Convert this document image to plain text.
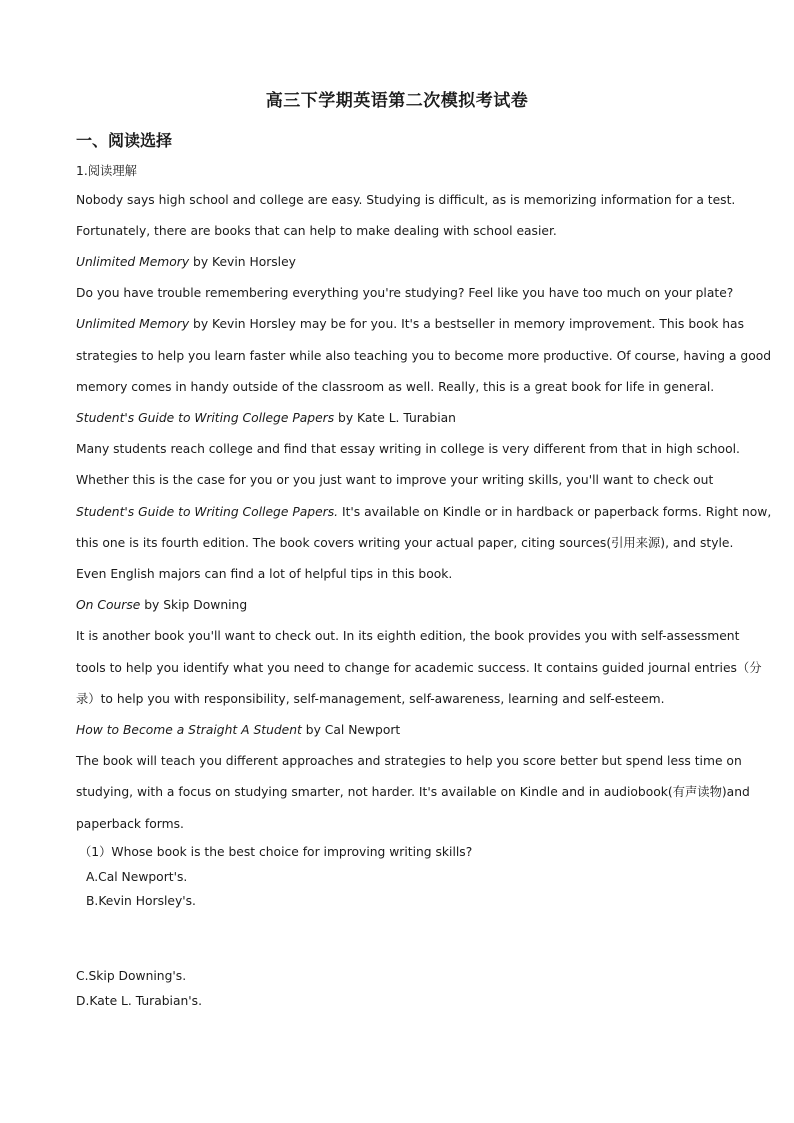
高三下学期英语第二次模拟考试卷
一、阅读选择
1.阅读理解
Nobody says high school and college are easy. Studying is difficult, as is memorizing information for a test.
Fortunately, there are books that can help to make dealing with school easier.
Unlimited Memory by Kevin Horsley
Do you have trouble remembering everything you're studying? Feel like you have too much on your plate?
Unlimited Memory by Kevin Horsley may be for you. It's a bestseller in memory improvement. This book has
strategies to help you learn faster while also teaching you to become more productive. Of course, having a good
memory comes in handy outside of the classroom as well. Really, this is a great book for life in general.
Student's Guide to Writing College Papers by Kate L. Turabian
Many students reach college and find that essay writing in college is very different from that in high school.
Whether this is the case for you or you just want to improve your writing skills, you'll want to check out
Student's Guide to Writing College Papers. It's available on Kindle or in hardback or paperback forms. Right now,
this one is its fourth edition. The book covers writing your actual paper, citing sources(引用来源), and style.
Even English majors can find a lot of helpful tips in this book.
On Course by Skip Downing
It is another book you'll want to check out. In its eighth edition, the book provides you with self-assessment
tools to help you identify what you need to change for academic success. It contains guided journal entries（分
录）to help you with responsibility, self-management, self-awareness, learning and self-esteem.
How to Become a Straight A Student by Cal Newport
The book will teach you different approaches and strategies to help you score better but spend less time on
studying, with a focus on studying smarter, not harder. It's available on Kindle and in audiobook(有声读物)and
paperback forms.
（1）Whose book is the best choice for improving writing skills?
A.Cal Newport's.
B.Kevin Horsley's.
C.Skip Downing's.
D.Kate L. Turabian's.
